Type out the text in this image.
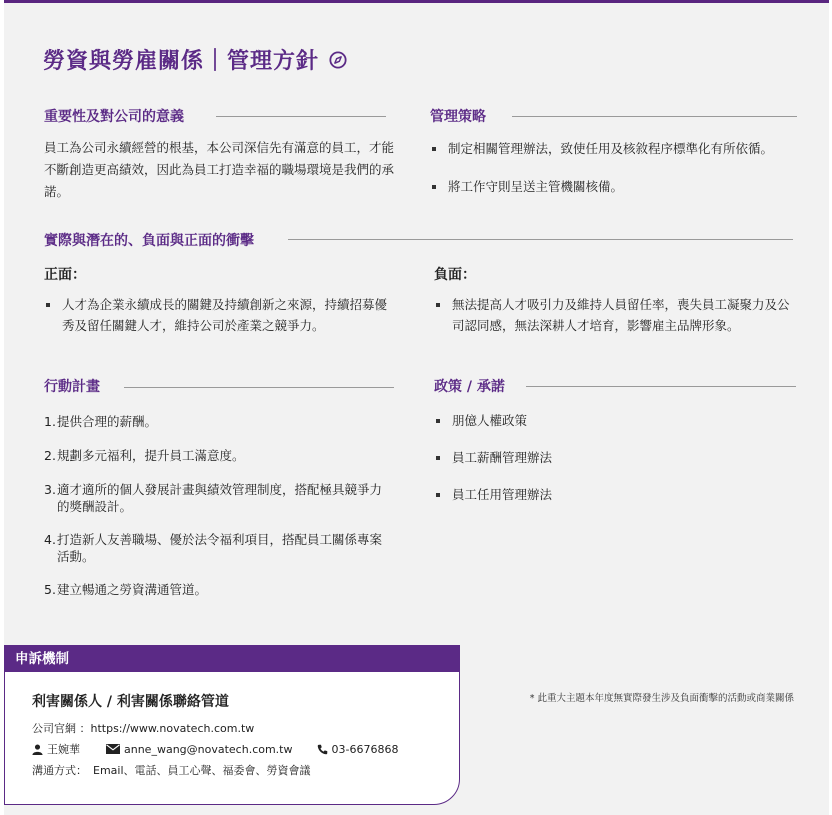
勞資與勞雇關係｜管理方針
重要性及對公司的意義
員工為公司永續經營的根基，本公司深信先有滿意的員工，才能不斷創造更高績效，因此為員工打造幸福的職場環境是我們的承諾。
管理策略
制定相關管理辦法，致使任用及核敘程序標準化有所依循。
將工作守則呈送主管機關核備。
實際與潛在的、負面與正面的衝擊
正面：
人才為企業永續成長的關鍵及持續創新之來源，持續招募優秀及留任關鍵人才，維持公司於產業之競爭力。
負面：
無法提高人才吸引力及維持人員留任率，喪失員工凝聚力及公司認同感，無法深耕人才培育，影響雇主品牌形象。
行動計畫
1. 提供合理的薪酬。
2. 規劃多元福利，提升員工滿意度。
3. 適才適所的個人發展計畫與績效管理制度，搭配極具競爭力的獎酬設計。
4. 打造新人友善職場、優於法令福利項目，搭配員工關係專案活動。
5. 建立暢通之勞資溝通管道。
政策 / 承諾
朋億人權政策
員工薪酬管理辦法
員工任用管理辦法
申訴機制
利害關係人 / 利害關係聯絡管道
公司官網 ：https://www.novatech.com.tw
王婉華	anne_wang@novatech.com.tw	03-6676868
溝通方式： Email、電話、員工心聲、福委會、勞資會議
* 此重大主題本年度無實際發生涉及負面衝擊的活動或商業關係
